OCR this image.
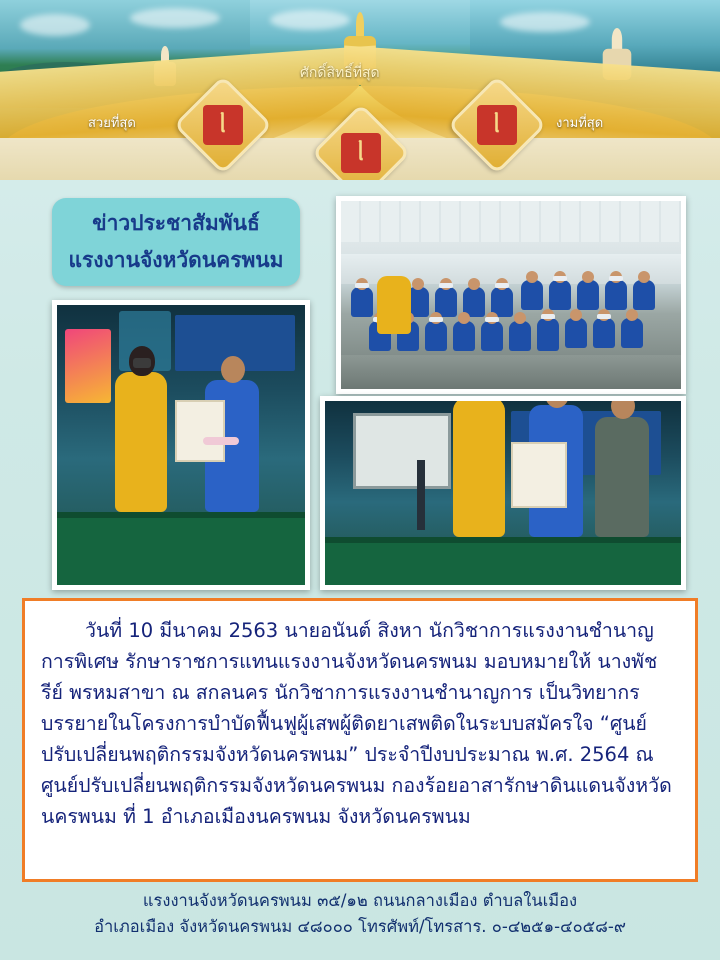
ᥣ
ᥣ
ᥣ
สวยที่สุด
ศักดิ์สิทธิ์ที่สุด
งามที่สุด
ข่าวประชาสัมพันธ์
แรงงานจังหวัดนครพนม

วันที่ 10 มีนาคม 2563 นายอนันต์ สิงหา นักวิชาการแรงงานชำนาญการพิเศษ รักษาราชการแทนแรงงานจังหวัดนครพนม มอบหมายให้ นางพัชรีย์ พรหมสาขา ณ สกลนคร นักวิชาการแรงงานชำนาญการ เป็นวิทยากรบรรยายในโครงการบำบัดฟื้นฟูผู้เสพผู้ติดยาเสพติดในระบบสมัครใจ “ศูนย์ปรับเปลี่ยนพฤติกรรมจังหวัดนครพนม” ประจำปีงบประมาณ พ.ศ. 2564 ณ ศูนย์ปรับเปลี่ยนพฤติกรรมจังหวัดนครพนม กองร้อยอาสารักษาดินแดนจังหวัดนครพนม ที่ 1 อำเภอเมืองนครพนม จังหวัดนครพนม

แรงงานจังหวัดนครพนม ๓๕/๑๒ ถนนกลางเมือง ตำบลในเมือง
อำเภอเมือง จังหวัดนครพนม ๔๘๐๐๐ โทรศัพท์/โทรสาร. ๐-๔๒๕๑-๔๐๕๘-๙
